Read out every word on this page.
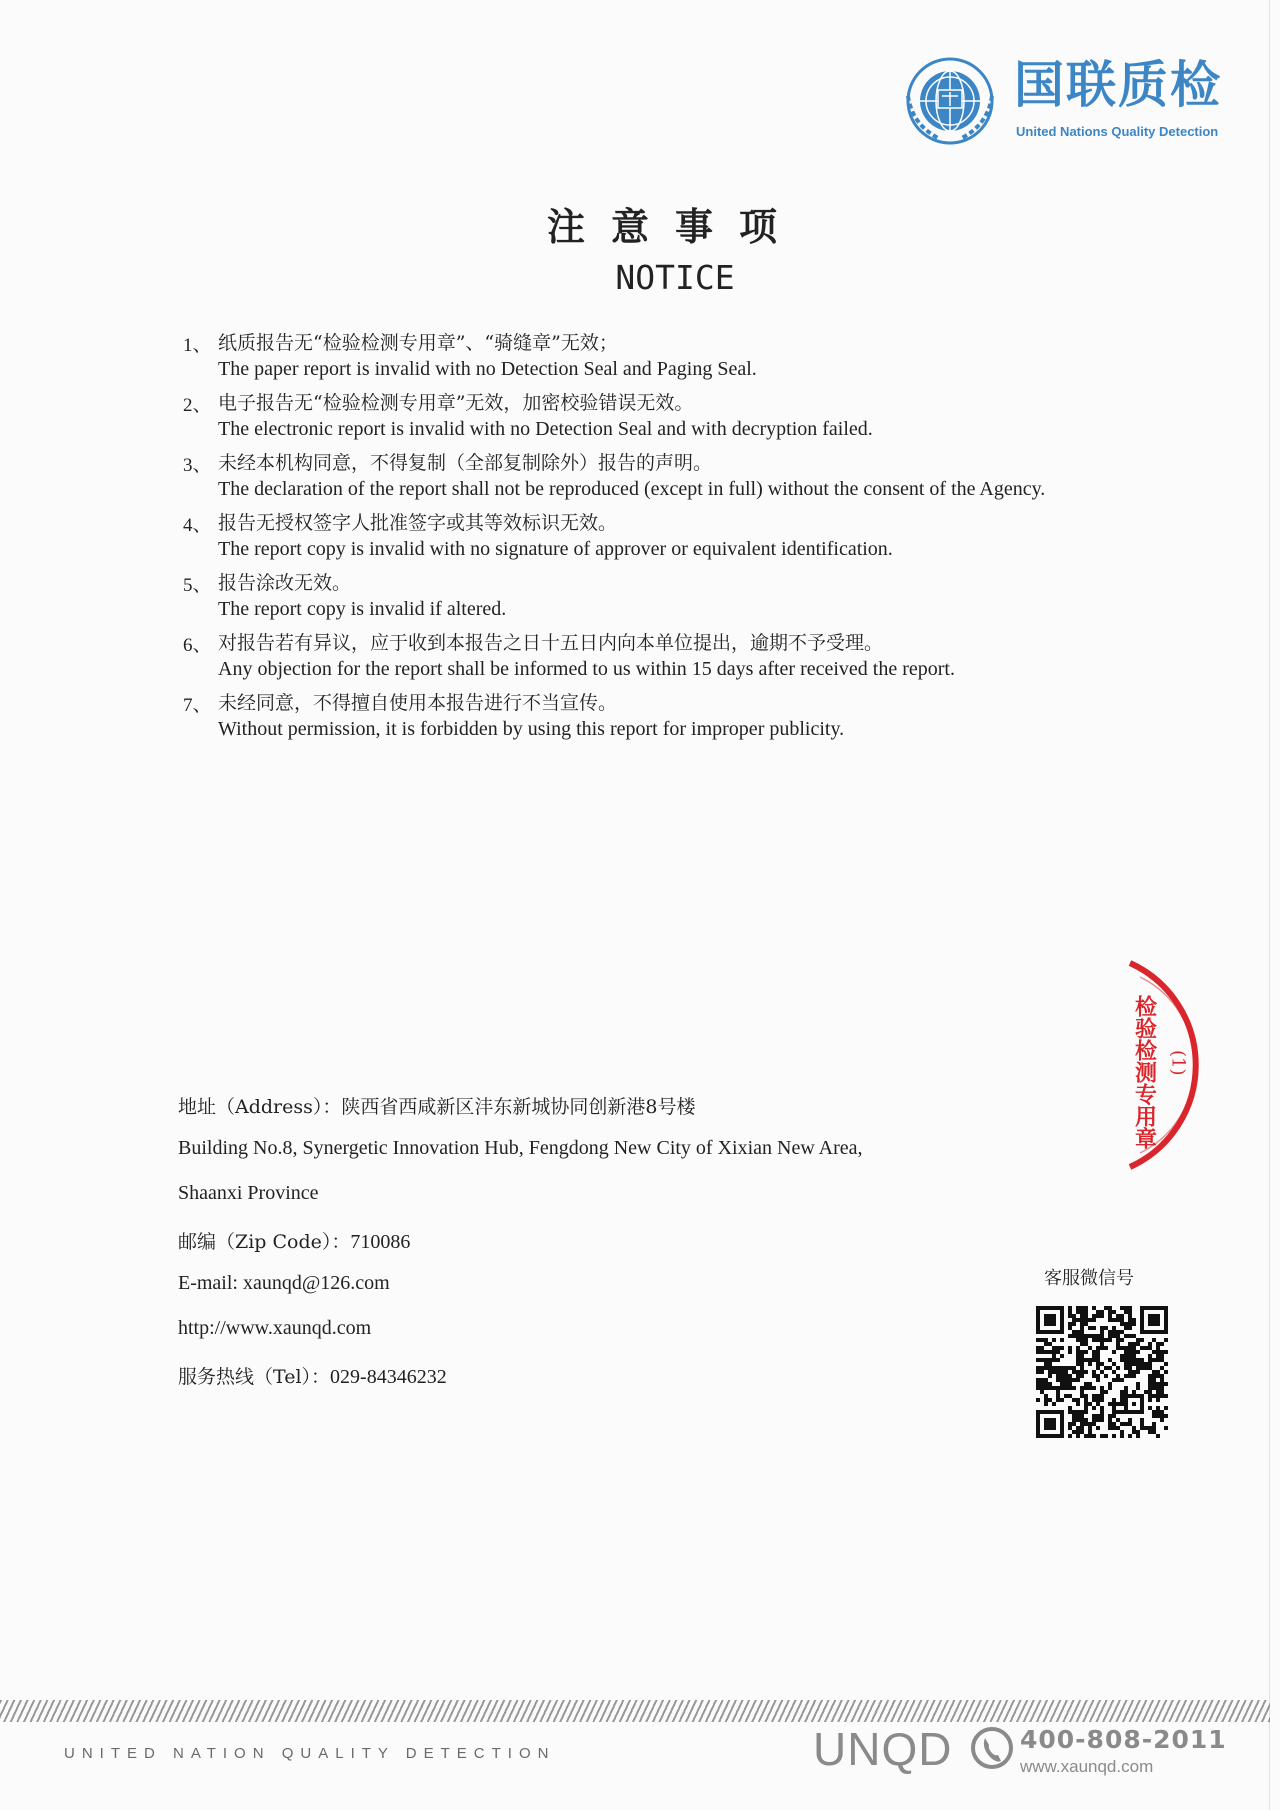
国联质检
United Nations Quality Detection
注意事项
NOTICE
1、 纸质报告无“检验检测专用章”、“骑缝章”无效；
The paper report is invalid with no Detection Seal and Paging Seal.
2、 电子报告无“检验检测专用章”无效，加密校验错误无效。
The electronic report is invalid with no Detection Seal and with decryption failed.
3、 未经本机构同意，不得复制（全部复制除外）报告的声明。
The declaration of the report shall not be reproduced (except in full) without the consent of the Agency.
4、 报告无授权签字人批准签字或其等效标识无效。
The report copy is invalid with no signature of approver or equivalent identification.
5、 报告涂改无效。
The report copy is invalid if altered.
6、 对报告若有异议，应于收到本报告之日十五日内向本单位提出，逾期不予受理。
Any objection for the report shall be informed to us within 15 days after received the report.
7、 未经同意，不得擅自使用本报告进行不当宣传。
Without permission, it is forbidden by using this report for improper publicity.
检验检测专用章 (1)
地址（Address）：陕西省西咸新区沣东新城协同创新港8号楼
Building No.8, Synergetic Innovation Hub, Fengdong New City of Xixian New Area,
Shaanxi Province
邮编（Zip Code）：710086
E-mail: xaunqd@126.com
http://www.xaunqd.com
服务热线（Tel）：029-84346232
客服微信号
UNITED NATION QUALITY DETECTION	UNQD	400-808-2011
www.xaunqd.com
